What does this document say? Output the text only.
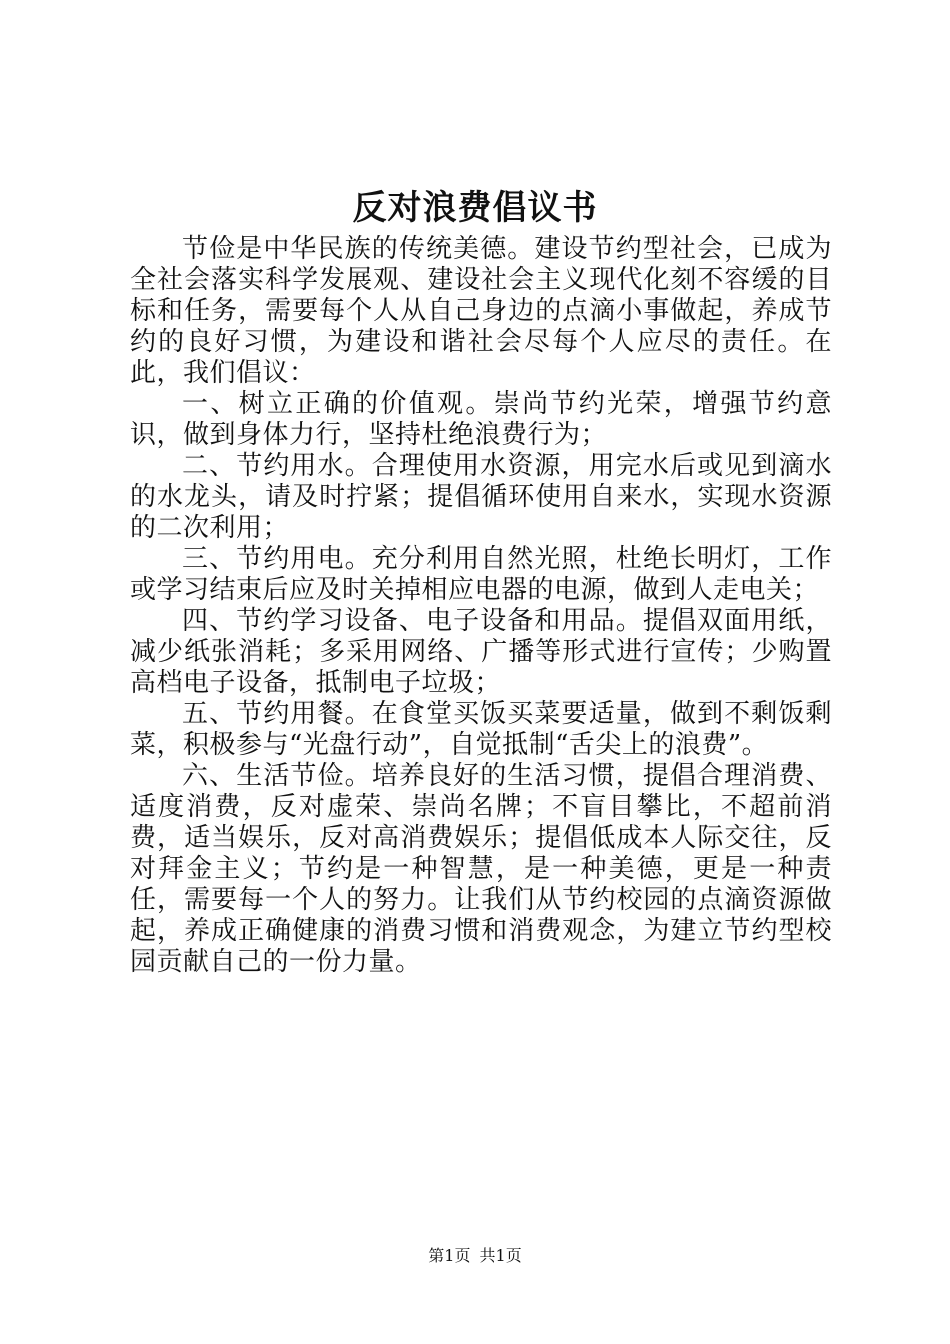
反对浪费倡议书

节俭是中华民族的传统美德。建设节约型社会，已成为全社会落实科学发展观、建设社会主义现代化刻不容缓的目标和任务，需要每个人从自己身边的点滴小事做起，养成节约的良好习惯，为建设和谐社会尽每个人应尽的责任。在此，我们倡议：

一、树立正确的价值观。崇尚节约光荣，增强节约意识，做到身体力行，坚持杜绝浪费行为；

二、节约用水。合理使用水资源，用完水后或见到滴水的水龙头，请及时拧紧；提倡循环使用自来水，实现水资源的二次利用；

三、节约用电。充分利用自然光照，杜绝长明灯，工作或学习结束后应及时关掉相应电器的电源，做到人走电关；

四、节约学习设备、电子设备和用品。提倡双面用纸，减少纸张消耗；多采用网络、广播等形式进行宣传；少购置高档电子设备，抵制电子垃圾；

五、节约用餐。在食堂买饭买菜要适量，做到不剩饭剩菜，积极参与“光盘行动”，自觉抵制“舌尖上的浪费”。

六、生活节俭。培养良好的生活习惯，提倡合理消费、适度消费，反对虚荣、崇尚名牌；不盲目攀比，不超前消费，适当娱乐，反对高消费娱乐；提倡低成本人际交往，反对拜金主义；节约是一种智慧，是一种美德，更是一种责任，需要每一个人的努力。让我们从节约校园的点滴资源做起，养成正确健康的消费习惯和消费观念，为建立节约型校园贡献自己的一份力量。

第1页 共1页
